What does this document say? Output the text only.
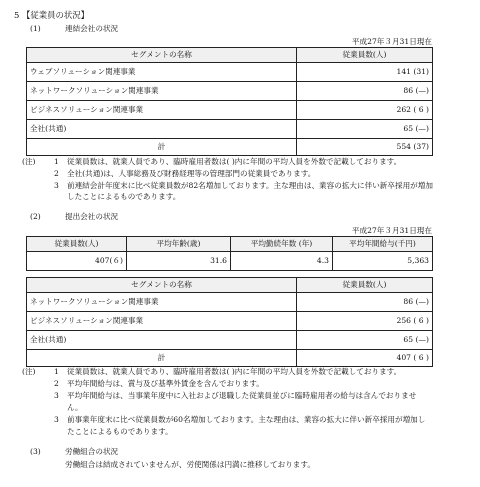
5 【従業員の状況】
(1)	連結会社の状況
平成27年３月31日現在
セグメントの名称	従業員数(人)
ウェブソリューション関連事業	141 (31)
ネットワークソリューション関連事業	86 (—)
ビジネスソリューション関連事業	262 ( 6 )
全社(共通)	65 (—)
計	554 (37)
(注) 1 従業員数は、就業人員であり、臨時雇用者数は( )内に年間の平均人員を外数で記載しております。
2 全社(共通)は、人事総務及び財務経理等の管理部門の従業員であります。
3 前連結会計年度末に比べ従業員数が82名増加しております。主な理由は、業容の拡大に伴い新卒採用が増加
したことによるものであります。
(2)	提出会社の状況
平成27年３月31日現在
従業員数(人)	平均年齢(歳)	平均勤続年数 (年)	平均年間給与(千円)
407(６)	31.6	4.3	5,363
セグメントの名称	従業員数(人)
ネットワークソリューション関連事業	86 (—)
ビジネスソリューション関連事業	256 ( 6 )
全社(共通)	65 (—)
計	407 ( 6 )
(注) 1 従業員数は、就業人員であり、臨時雇用者数は( )内に年間の平均人員を外数で記載しております。
2 平均年間給与は、賞与及び基準外賃金を含んでおります。
3 平均年間給与は、当事業年度中に入社および退職した従業員並びに臨時雇用者の給与は含んでおりませ
ん。
3 前事業年度末に比べ従業員数が60名増加しております。主な理由は、業容の拡大に伴い新卒採用が増加し
たことによるものであります。
(3)	労働組合の状況
労働組合は結成されていませんが、労使関係は円満に推移しております。
